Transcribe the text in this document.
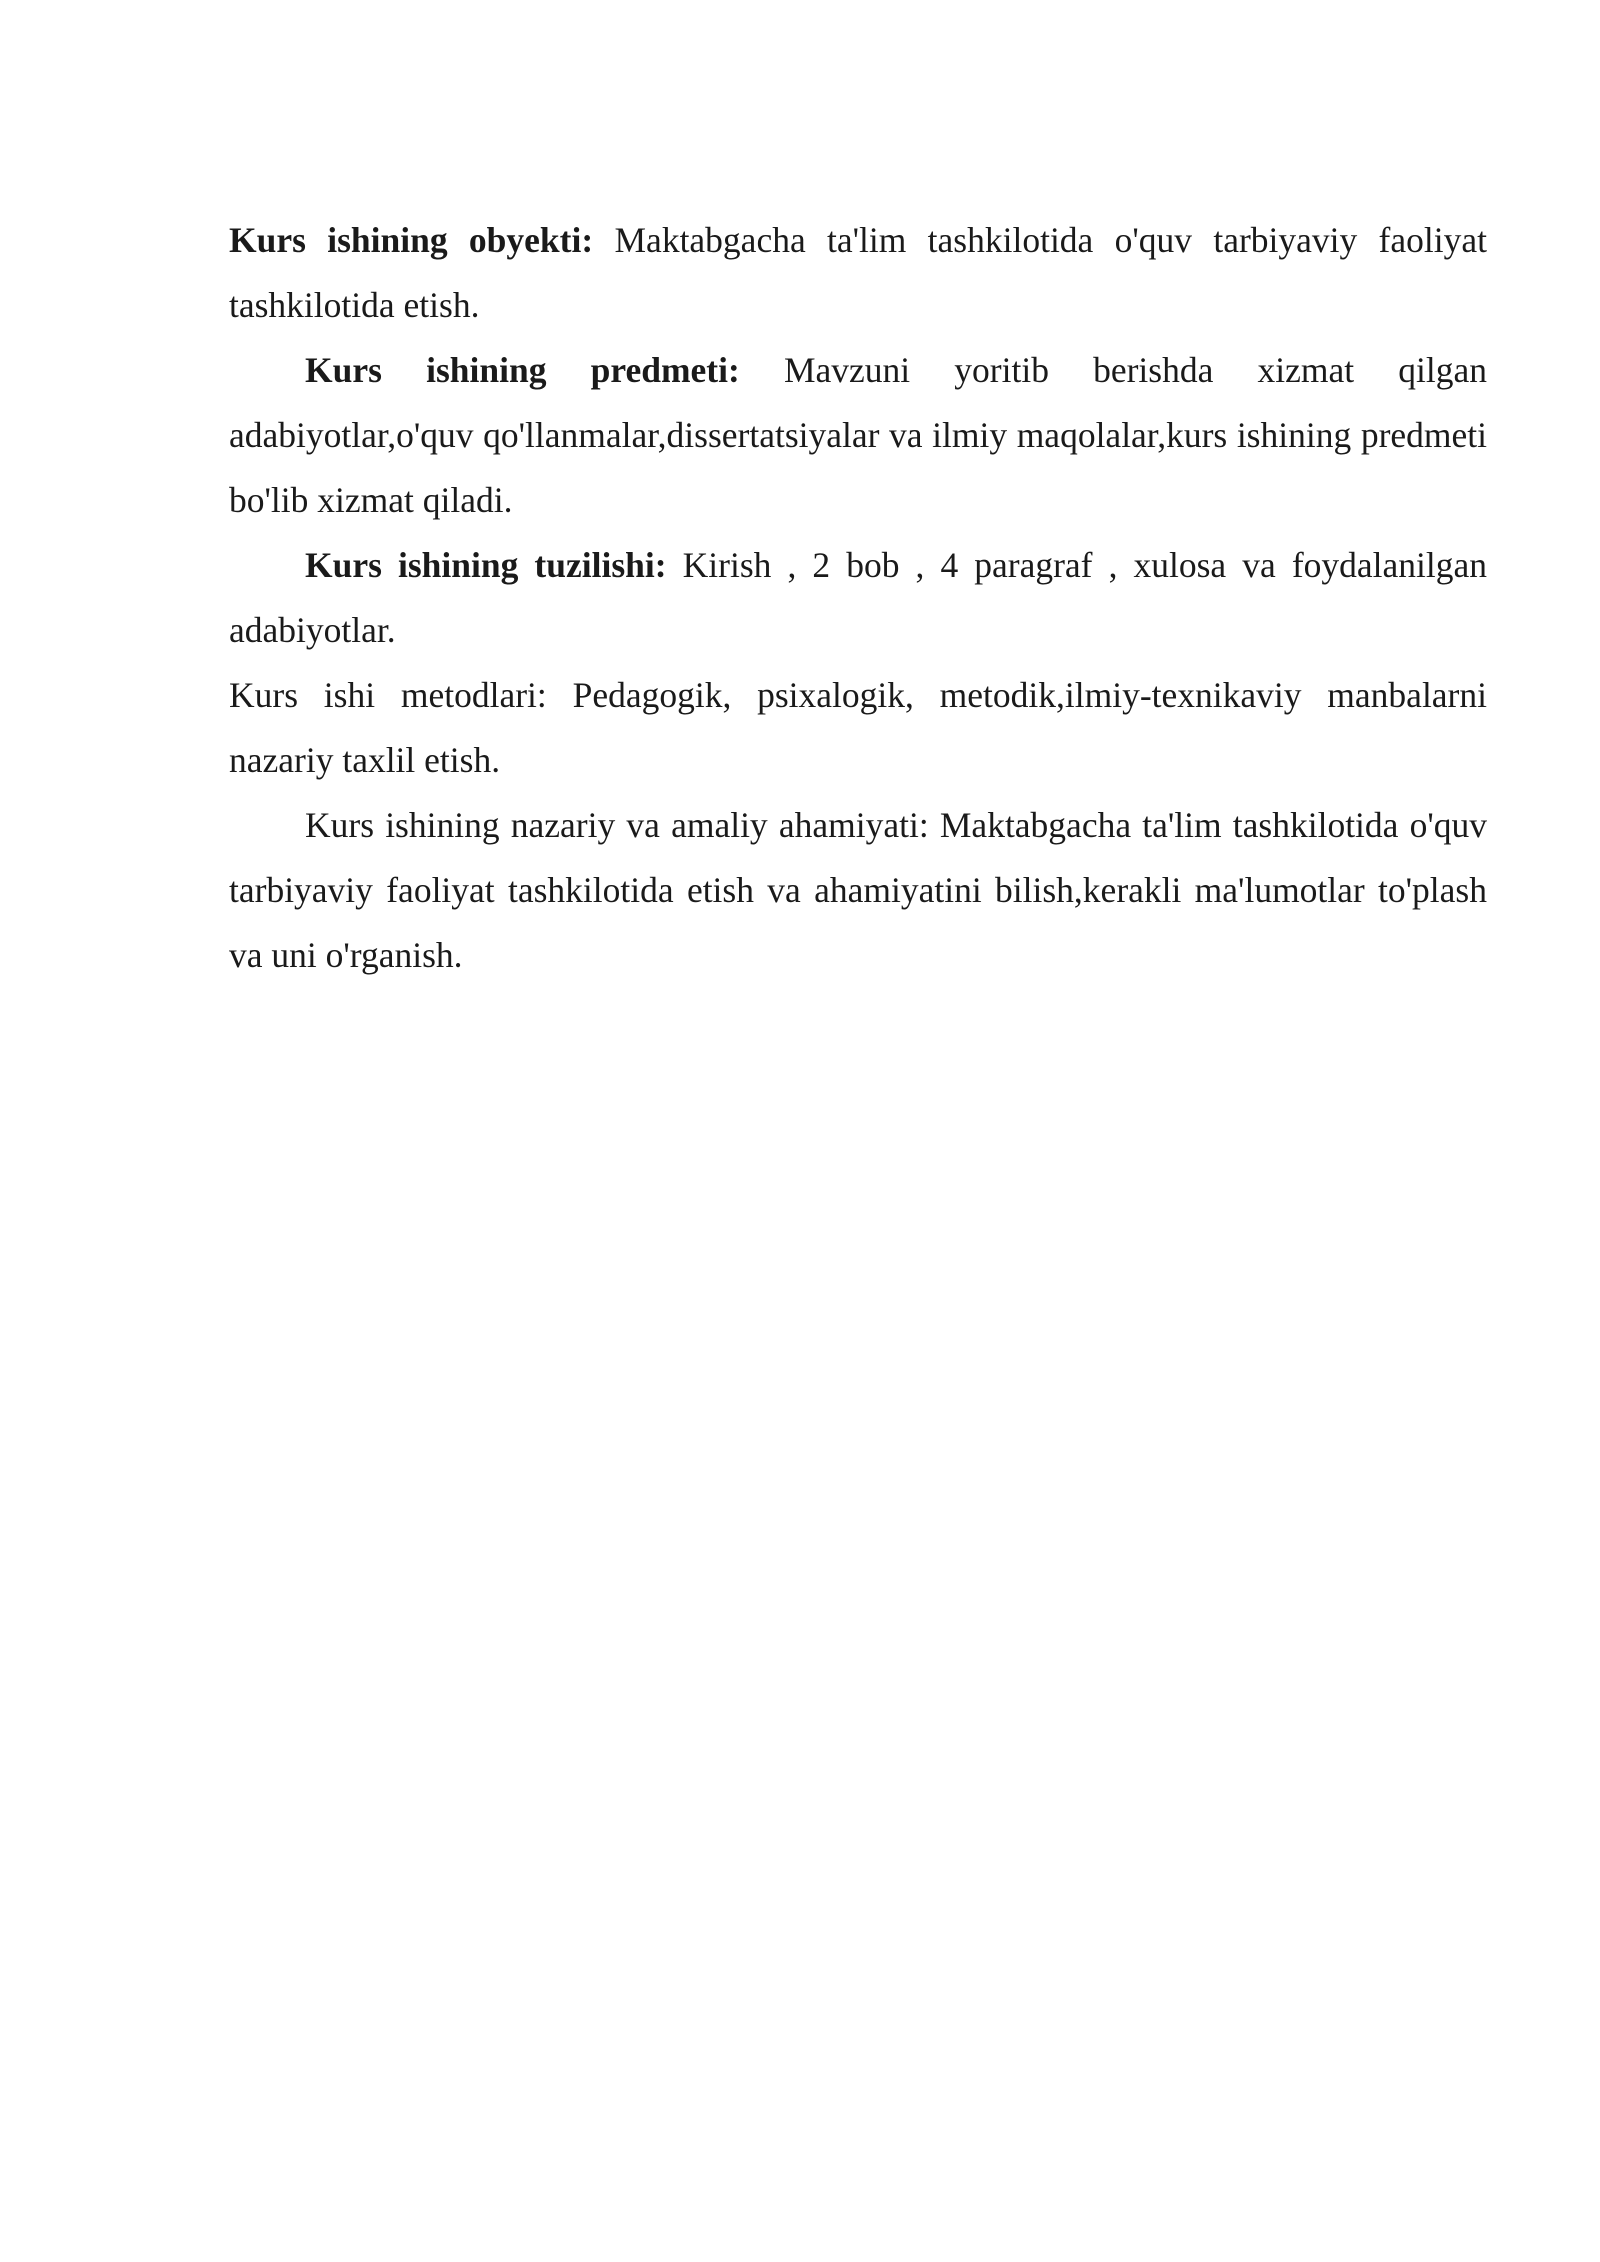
Kurs ishining obyekti: Maktabgacha ta'lim tashkilotida o'quv tarbiyaviy faoliyat tashkilotida etish.

Kurs ishining predmeti: Mavzuni yoritib berishda xizmat qilgan adabiyotlar,o'quv qo'llanmalar,dissertatsiyalar va ilmiy maqolalar,kurs ishining predmeti bo'lib xizmat qiladi.

Kurs ishining tuzilishi: Kirish , 2 bob , 4 paragraf , xulosa va foydalanilgan adabiyotlar.

Kurs ishi metodlari: Pedagogik, psixalogik, metodik,ilmiy-texnikaviy manbalarni nazariy taxlil etish.

Kurs ishining nazariy va amaliy ahamiyati: Maktabgacha ta'lim tashkilotida o'quv tarbiyaviy faoliyat tashkilotida etish va ahamiyatini bilish,kerakli ma'lumotlar to'plash va uni o'rganish.
